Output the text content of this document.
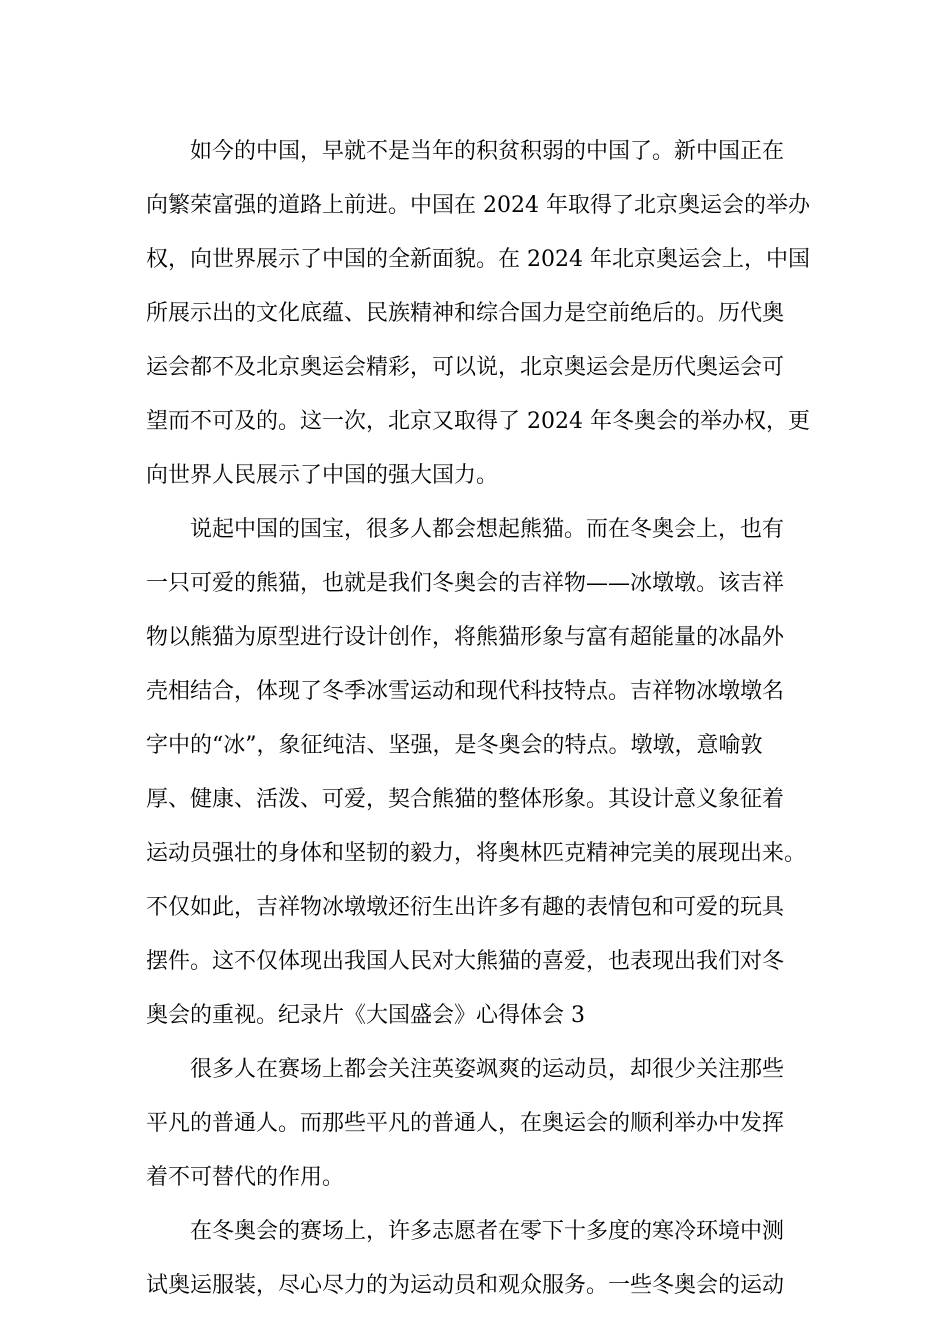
如今的中国，早就不是当年的积贫积弱的中国了。新中国正在
向繁荣富强的道路上前进。中国在 2024 年取得了北京奥运会的举办
权，向世界展示了中国的全新面貌。在 2024 年北京奥运会上，中国
所展示出的文化底蕴、民族精神和综合国力是空前绝后的。历代奥
运会都不及北京奥运会精彩，可以说，北京奥运会是历代奥运会可
望而不可及的。这一次，北京又取得了 2024 年冬奥会的举办权，更
向世界人民展示了中国的强大国力。

说起中国的国宝，很多人都会想起熊猫。而在冬奥会上，也有
一只可爱的熊猫，也就是我们冬奥会的吉祥物——冰墩墩。该吉祥
物以熊猫为原型进行设计创作，将熊猫形象与富有超能量的冰晶外
壳相结合，体现了冬季冰雪运动和现代科技特点。吉祥物冰墩墩名
字中的“冰”，象征纯洁、坚强，是冬奥会的特点。墩墩，意喻敦
厚、健康、活泼、可爱，契合熊猫的整体形象。其设计意义象征着
运动员强壮的身体和坚韧的毅力，将奥林匹克精神完美的展现出来。
不仅如此，吉祥物冰墩墩还衍生出许多有趣的表情包和可爱的玩具
摆件。这不仅体现出我国人民对大熊猫的喜爱，也表现出我们对冬
奥会的重视。纪录片《大国盛会》心得体会 3

很多人在赛场上都会关注英姿飒爽的运动员，却很少关注那些
平凡的普通人。而那些平凡的普通人，在奥运会的顺利举办中发挥
着不可替代的作用。

在冬奥会的赛场上，许多志愿者在零下十多度的寒冷环境中测
试奥运服装，尽心尽力的为运动员和观众服务。一些冬奥会的运动
